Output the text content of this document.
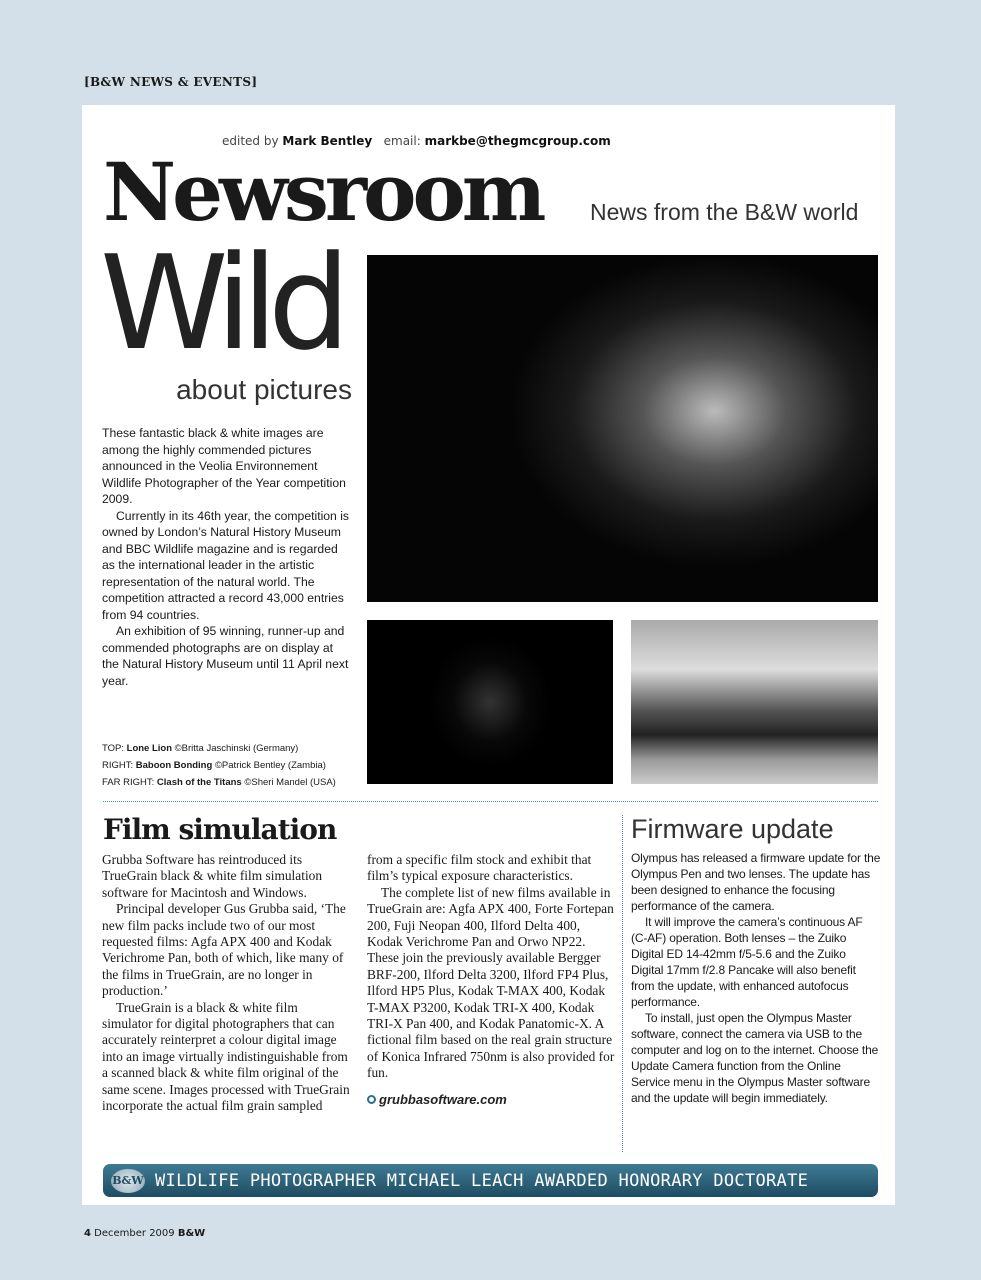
[B&W NEWS & EVENTS]
edited by Mark Bentley email: markbe@thegmcgroup.com
Newsroom News from the B&W world
Wild
about pictures

These fantastic black & white images are among the highly commended pictures announced in the Veolia Environnement Wildlife Photographer of the Year competition 2009.

Currently in its 46th year, the competition is owned by London’s Natural History Museum and BBC Wildlife magazine and is regarded as the international leader in the artistic representation of the natural world. The competition attracted a record 43,000 entries from 94 countries.

An exhibition of 95 winning, runner-up and commended photographs are on display at the Natural History Museum until 11 April next year.

TOP: Lone Lion ©Britta Jaschinski (Germany)
RIGHT: Baboon Bonding ©Patrick Bentley (Zambia)
FAR RIGHT: Clash of the Titans ©Sheri Mandel (USA)
Film simulation

Grubba Software has reintroduced its TrueGrain black & white film simulation software for Macintosh and Windows.

Principal developer Gus Grubba said, ‘The new film packs include two of our most requested films: Agfa APX 400 and Kodak Verichrome Pan, both of which, like many of the films in TrueGrain, are no longer in production.’

TrueGrain is a black & white film simulator for digital photographers that can accurately reinterpret a colour digital image into an image virtually indistinguishable from a scanned black & white film original of the same scene. Images processed with TrueGrain incorporate the actual film grain sampled

from a specific film stock and exhibit that film’s typical exposure characteristics.

The complete list of new films available in TrueGrain are: Agfa APX 400, Forte Fortepan 200, Fuji Neopan 400, Ilford Delta 400, Kodak Verichrome Pan and Orwo NP22. These join the previously available Bergger BRF-200, Ilford Delta 3200, Ilford FP4 Plus, Ilford HP5 Plus, Kodak T-MAX 400, Kodak T-MAX P3200, Kodak TRI-X 400, Kodak TRI-X Pan 400, and Kodak Panatomic-X. A fictional film based on the real grain structure of Konica Infrared 750nm is also provided for fun.

grubbasoftware.com
Firmware update

Olympus has released a firmware update for the Olympus Pen and two lenses. The update has been designed to enhance the focusing performance of the camera.

It will improve the camera’s continuous AF (C-AF) operation. Both lenses – the Zuiko Digital ED 14-42mm f/5-5.6 and the Zuiko Digital 17mm f/2.8 Pancake will also benefit from the update, with enhanced autofocus performance.

To install, just open the Olympus Master software, connect the camera via USB to the computer and log on to the internet. Choose the Update Camera function from the Online Service menu in the Olympus Master software and the update will begin immediately.

B&W WILDLIFE PHOTOGRAPHER MICHAEL LEACH AWARDED HONORARY DOCTORATE
4 December 2009 B&W
